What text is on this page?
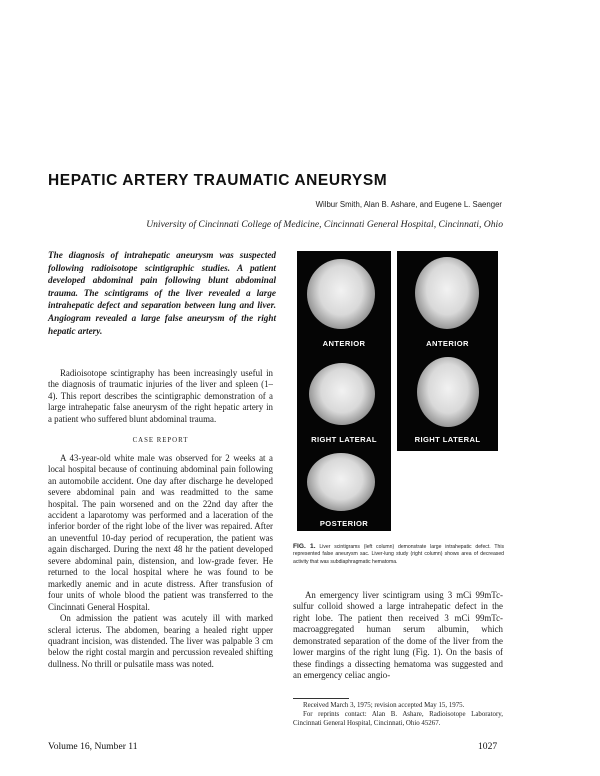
HEPATIC ARTERY TRAUMATIC ANEURYSM
Wilbur Smith, Alan B. Ashare, and Eugene L. Saenger
University of Cincinnati College of Medicine, Cincinnati General Hospital, Cincinnati, Ohio
The diagnosis of intrahepatic aneurysm was suspected following radioisotope scintigraphic studies. A patient developed abdominal pain following blunt abdominal trauma. The scintigrams of the liver revealed a large intrahepatic defect and separation between lung and liver. Angiogram revealed a large false aneurysm of the right hepatic artery.

Radioisotope scintigraphy has been increasingly useful in the diagnosis of traumatic injuries of the liver and spleen (1–4). This report describes the scintigraphic demonstration of a large intrahepatic false aneurysm of the right hepatic artery in a patient who suffered blunt abdominal trauma.

CASE REPORT

A 43-year-old white male was observed for 2 weeks at a local hospital because of continuing abdominal pain following an automobile accident. One day after discharge he developed severe abdominal pain and was readmitted to the same hospital. The pain worsened and on the 22nd day after the accident a laparotomy was performed and a laceration of the inferior border of the right lobe of the liver was repaired. After an uneventful 10-day period of recuperation, the patient was again discharged. During the next 48 hr the patient developed severe abdominal pain, distension, and low-grade fever. He returned to the local hospital where he was found to be markedly anemic and in acute distress. After transfusion of four units of whole blood the patient was transferred to the Cincinnati General Hospital.

On admission the patient was acutely ill with marked scleral icterus. The abdomen, bearing a healed right upper quadrant incision, was distended. The liver was palpable 3 cm below the right costal margin and percussion revealed shifting dullness. No thrill or pulsatile mass was noted.

ANTERIOR
RIGHT LATERAL
POSTERIOR
ANTERIOR
RIGHT LATERAL
FIG. 1. Liver scintigrams (left column) demonstrate large intrahepatic defect. This represented false aneurysm sac. Liver-lung study (right column) shows area of decreased activity that was subdiaphragmatic hematoma.

An emergency liver scintigram using 3 mCi 99mTc-sulfur colloid showed a large intrahepatic defect in the right lobe. The patient then received 3 mCi 99mTc-macroaggregated human serum albumin, which demonstrated separation of the dome of the liver from the lower margins of the right lung (Fig. 1). On the basis of these findings a dissecting hematoma was suggested and an emergency celiac angio-

Received March 3, 1975; revision accepted May 15, 1975.

For reprints contact: Alan B. Ashare, Radioisotope Laboratory, Cincinnati General Hospital, Cincinnati, Ohio 45267.

Volume 16, Number 11	1027
